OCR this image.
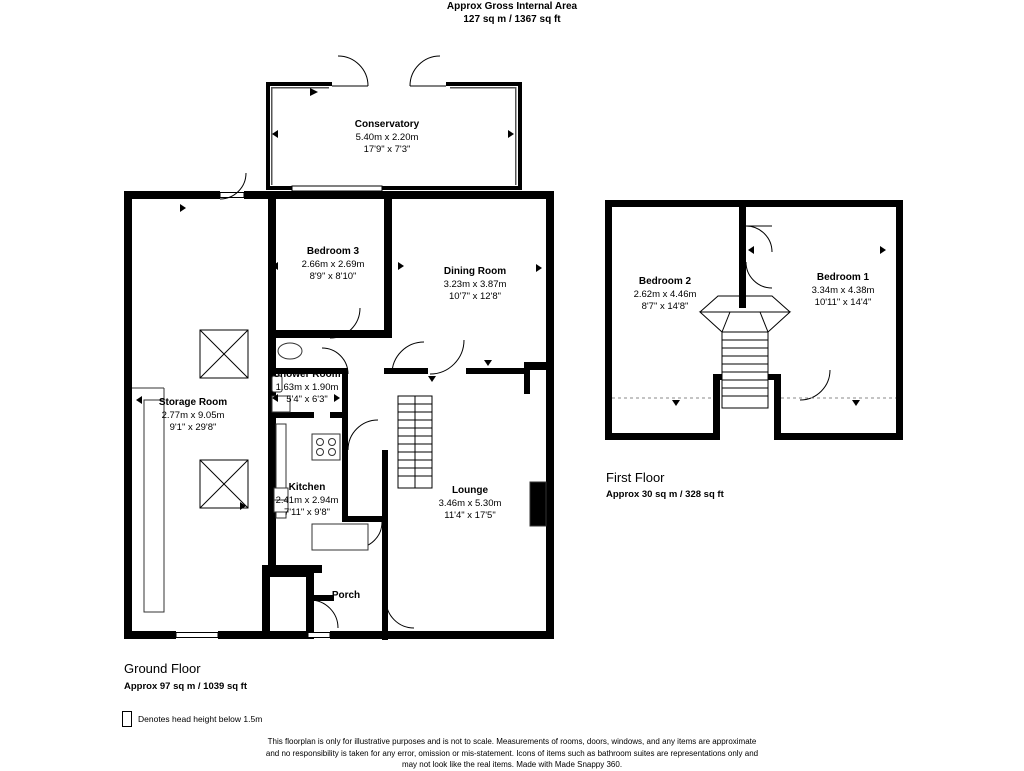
Approx Gross Internal Area
127 sq m / 1367 sq ft
Conservatory
5.40m x 2.20m
17'9" x 7'3"
Bedroom 3
2.66m x 2.69m
8'9" x 8'10"	Dining Room
3.23m x 3.87m
10'7" x 12'8"
Storage Room
2.77m x 9.05m
9'1" x 29'8"
Shower Room
1.63m x 1.90m
5'4" x 6'3"
Kitchen
2.41m x 2.94m
7'11" x 9'8"
Lounge
3.46m x 5.30m
11'4" x 17'5"
Porch
Ground Floor
Approx 97 sq m / 1039 sq ft
Bedroom 2
2.62m x 4.46m
8'7" x 14'8"
Bedroom 1
3.34m x 4.38m
10'11" x 14'4"
First Floor
Approx 30 sq m / 328 sq ft
Denotes head height below 1.5m
This floorplan is only for illustrative purposes and is not to scale. Measurements of rooms, doors, windows, and any items are approximate
and no responsibility is taken for any error, omission or mis-statement. Icons of items such as bathroom suites are representations only and
may not look like the real items. Made with Made Snappy 360.
